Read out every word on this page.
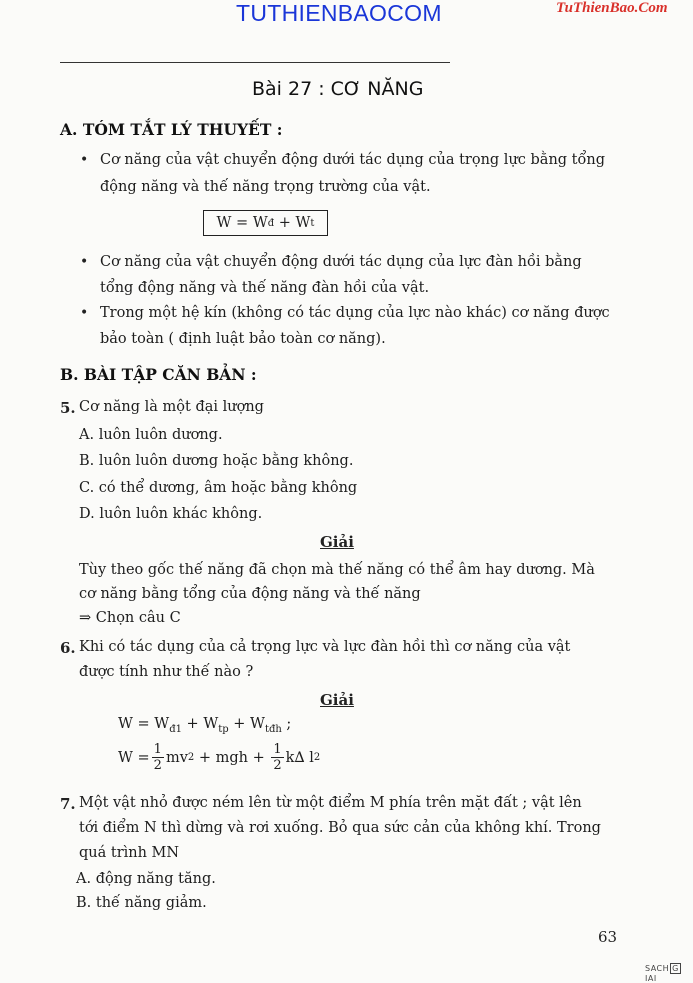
TUTHIENBAOCOM	TuThienBao.Com
Bài 27 : CƠ NĂNG
A. TÓM TẮT LÝ THUYẾT :
• Cơ năng của vật chuyển động dưới tác dụng của trọng lực bằng tổng
động năng và thế năng trọng trường của vật.
W = W đ + W t
• Cơ năng của vật chuyển động dưới tác dụng của lực đàn hồi bằng
tổng động năng và thế năng đàn hồi của vật.
• Trong một hệ kín (không có tác dụng của lực nào khác) cơ năng được
bảo toàn ( định luật bảo toàn cơ năng).
B. BÀI TẬP CĂN BẢN :
5. Cơ năng là một đại lượng
A. luôn luôn dương.
B. luôn luôn dương hoặc bằng không.
C. có thể dương, âm hoặc bằng không
D. luôn luôn khác không.
Giải
Tùy theo gốc thế năng đã chọn mà thế năng có thể âm hay dương. Mà
cơ năng bằng tổng của động năng và thế năng
⇒ Chọn câu C
6. Khi có tác dụng của cả trọng lực và lực đàn hồi thì cơ năng của vật
được tính như thế nào ?
Giải
$W = W_{đ1} + W_{tp} + W_{tđh}$ ;
$W = \frac{1}{2}$ mv 2 + mgh + $\frac{1}{2} k\Delta$ l 2
7. Một vật nhỏ được ném lên từ một điểm M phía trên mặt đất ; vật lên
tới điểm N thì dừng và rơi xuống. Bỏ qua sức cản của không khí. Trong
quá trình MN
A. động năng tăng.
B. thế năng giảm.
63
SACH GIAI
